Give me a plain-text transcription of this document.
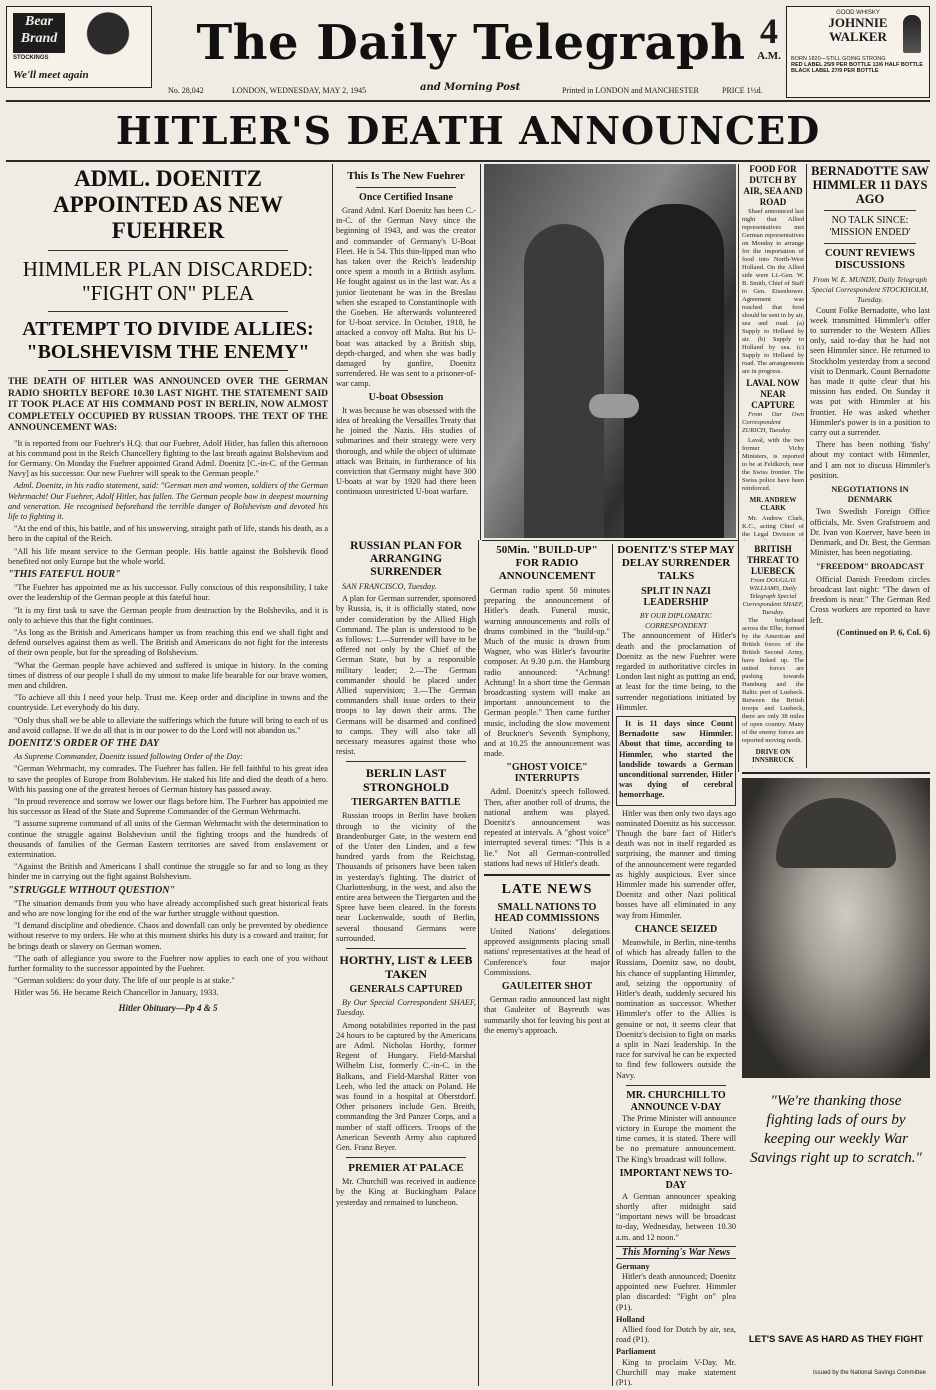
Bear
Brand
STOCKINGS
We'll meet again
The Daily Telegraph 4
A.M.
GOOD WHISKY
JOHNNIE
WALKER
BORN 1820—STILL GOING STRONG
RED LABEL 25/9 PER BOTTLE 13/6 HALF BOTTLE
BLACK LABEL 27/9 PER BOTTLE
No. 28,042	LONDON, WEDNESDAY, MAY 2, 1945	and Morning Post	Printed in LONDON and MANCHESTER	PRICE 1½d.
HITLER'S DEATH ANNOUNCED
ADML. DOENITZ APPOINTED AS NEW FUEHRER
HIMMLER PLAN DISCARDED: "FIGHT ON" PLEA
ATTEMPT TO DIVIDE ALLIES: "BOLSHEVISM THE ENEMY"
THE DEATH OF HITLER WAS ANNOUNCED OVER THE GERMAN RADIO SHORTLY BEFORE 10.30 LAST NIGHT. THE STATEMENT SAID IT TOOK PLACE AT HIS COMMAND POST IN BERLIN, NOW ALMOST COMPLETELY OCCUPIED BY RUSSIAN TROOPS. THE TEXT OF THE ANNOUNCEMENT WAS:

"It is reported from our Fuehrer's H.Q. that our Fuehrer, Adolf Hitler, has fallen this afternoon at his command post in the Reich Chancellery fighting to the last breath against Bolshevism and for Germany. On Monday the Fuehrer appointed Grand Adml. Doenitz [C.-in-C. of the German Navy] as his successor. Our new Fuehrer will speak to the German people."

Adml. Doenitz, in his radio statement, said: "German men and women, soldiers of the German Wehrmacht! Our Fuehrer, Adolf Hitler, has fallen. The German people bow in deepest mourning and veneration. He recognised beforehand the terrible danger of Bolshevism and devoted his life to fighting it.

"At the end of this, his battle, and of his unswerving, straight path of life, stands his death, as a hero in the capital of the Reich.

"All his life meant service to the German people. His battle against the Bolshevik flood benefited not only Europe but the whole world.

"THIS FATEFUL HOUR"

"The Fuehrer has appointed me as his successor. Fully conscious of this responsibility, I take over the leadership of the German people at this fateful hour.

"It is my first task to save the German people from destruction by the Bolsheviks, and it is only to achieve this that the fight continues.

"As long as the British and Americans hamper us from reaching this end we shall fight and defend ourselves against them as well. The British and Americans do not fight for the interests of their own people, but for the spreading of Bolshevism.

"What the German people have achieved and suffered is unique in history. In the coming times of distress of our people I shall do my utmost to make life bearable for our brave women, men and children.

"To achieve all this I need your help. Trust me. Keep order and discipline in towns and the countryside. Let everybody do his duty.

"Only thus shall we be able to alleviate the sufferings which the future will bring to each of us and avoid collapse. If we do all that is in our power to do the Lord will not abandon us."

DOENITZ'S ORDER OF THE DAY

As Supreme Commander, Doenitz issued following Order of the Day:

"German Wehrmacht, my comrades. The Fuehrer has fallen. He fell faithful to his great idea to save the peoples of Europe from Bolshevism. He staked his life and died the death of a hero. With his passing one of the greatest heroes of German history has passed away.

"In proud reverence and sorrow we lower our flags before him. The Fuehrer has appointed me his successor as Head of the State and Supreme Commander of the German Wehrmacht.

"I assume supreme command of all units of the German Wehrmacht with the determination to continue the struggle against Bolshevism until the fighting troops and the hundreds of thousands of families of the German Eastern territories are saved from enslavement or extermination.

"Against the British and Americans I shall continue the struggle so far and so long as they hinder me in carrying out the fight against Bolshevism.

"STRUGGLE WITHOUT QUESTION"

"The situation demands from you who have already accomplished such great historical feats and who are now longing for the end of the war further struggle without question.

"I demand discipline and obedience. Chaos and downfall can only be prevented by obedience without reserve to my orders. He who at this moment shirks his duty is a coward and traitor, for he brings death or slavery on German women.

"The oath of allegiance you swore to the Fuehrer now applies to each one of you without further formality to the successor appointed by the Fuehrer.

"German soldiers: do your duty. The life of our people is at stake."

Hitler was 56. He became Reich Chancellor in January, 1933.

Hitler Obituary—Pp 4 & 5
RUSSIAN PLAN FOR ARRANGING SURRENDER

SAN FRANCISCO, Tuesday.

A plan for German surrender, sponsored by Russia, is, it is officially stated, now under consideration by the Allied High Command. The plan is understood to be as follows: 1.—Surrender will have to be offered not only by the Chief of the German State, but by a responsible military leader; 2.—The German commander should be placed under Allied supervision; 3.—The German commanders shall issue orders to their troops to lay down their arms. The Germans will be disarmed and confined to camps. They will also take all necessary measures against those who resist.

BERLIN LAST STRONGHOLD
TIERGARTEN BATTLE

Russian troops in Berlin have broken through to the vicinity of the Brandenburger Gate, in the western end of the Unter den Linden, and a few hundred yards from the Reichstag. Thousands of prisoners have been taken in yesterday's fighting. The district of Charlottenburg, in the west, and also the entire area between the Tiergarten and the Spree have been cleared. In the forests near Luckenwalde, south of Berlin, several thousand Germans were surrounded.

HORTHY, LIST & LEEB TAKEN
GENERALS CAPTURED

By Our Special Correspondent SHAEF, Tuesday.

Among notabilities reported in the past 24 hours to be captured by the Americans are Adml. Nicholas Horthy, former Regent of Hungary. Field-Marshal Wilhelm List, formerly C.-in-C. in the Balkans, and Field-Marshal Ritter von Leeb, who led the attack on Poland. He was found in a hospital at Oberstdorf. Other prisoners include Gen. Breith, commanding the 3rd Panzer Corps, and a number of staff officers. Troops of the American Seventh Army also captured Gen. Franz Beyer.

PREMIER AT PALACE

Mr. Churchill was received in audience by the King at Buckingham Palace yesterday and remained to luncheon.

This Is The New Fuehrer
Once Certified Insane

Grand Adml. Karl Doenitz has been C.-in-C. of the German Navy since the beginning of 1943, and was the creator and commander of Germany's U-Boat Fleet. He is 54. This thin-lipped man who has taken over the Reich's leadership once spent a month in a British asylum. He fought against us in the last war. As a junior lieutenant he was in the Breslau when she escaped to Constantinople with the Goeben. He afterwards volunteered for U-boat service. In October, 1918, he attacked a convoy off Malta. But his U-boat was attacked by a British ship, depth-charged, and when she was badly damaged by gunfire, Doenitz surrendered. He was sent to a prisoner-of-war camp.

U-boat Obsession

It was because he was obsessed with the idea of breaking the Versailles Treaty that he joined the Nazis. His studies of submarines and their strategy were very thorough, and while the object of ultimate attack was Britain, in furtherance of his conviction that Germany might have 300 U-boats at war by 1920 had there been continuous unrestricted U-boat warfare.

50Min. "BUILD-UP" FOR RADIO ANNOUNCEMENT

German radio spent 50 minutes preparing the announcement of Hitler's death. Funeral music, warning announcements and rolls of drums combined in the "build-up." Much of the music is drawn from Wagner, who was Hitler's favourite composer. At 9.30 p.m. the Hamburg radio announced: "Achtung! Achtung! In a short time the German broadcasting system will make an important announcement to the German people." Then came further music, including the slow movement of Bruckner's Seventh Symphony, and at 10.25 the announcement was made.

"GHOST VOICE" INTERRUPTS

Adml. Doenitz's speech followed. Then, after another roll of drums, the national anthem was played. Doenitz's announcement was repeated at intervals. A "ghost voice" interrupted several times: "This is a lie." Not all German-controlled stations had news of Hitler's death.

LATE NEWS
SMALL NATIONS TO HEAD COMMISSIONS

United Nations' delegations approved assignments placing small nations' representatives at the head of Conference's four major Commissions.

GAULEITER SHOT

German radio announced last night that Gauleiter of Bayreuth was summarily shot for leaving his post at the enemy's approach.

DOENITZ'S STEP MAY DELAY SURRENDER TALKS
SPLIT IN NAZI LEADERSHIP
BY OUR DIPLOMATIC CORRESPONDENT

The announcement of Hitler's death and the proclamation of Doenitz as the new Fuehrer were regarded in authoritative circles in London last night as putting an end, at least for the time being, to the surrender negotiations initiated by Himmler.

It is 11 days since Count Bernadotte saw Himmler. About that time, according to Himmler, who started the landslide towards a German unconditional surrender, Hitler was dying of cerebral hemorrhage.

Hitler was then only two days ago nominated Doenitz as his successor. Though the bare fact of Hitler's death was not in itself regarded as surprising, the manner and timing of the announcement were regarded as highly auspicious. Ever since Himmler made his surrender offer, Doenitz and other Nazi political bosses have all eliminated in any way from Himmler.

CHANCE SEIZED

Meanwhile, in Berlin, nine-tenths of which has already fallen to the Russians, Doenitz saw, no doubt, his chance of supplanting Himmler, and, seizing the opportunity of Hitler's death, suddenly secured his nomination as successor. Whether Himmler's offer to the Allies is genuine or not, it seems clear that Doenitz's decision to fight on marks a split in Nazi leadership. In the race for survival he can be expected to find few followers outside the Navy.

MR. CHURCHILL TO ANNOUNCE V-DAY

The Prime Minister will announce victory in Europe the moment the time comes, it is stated. There will be no premature announcement. The King's broadcast will follow.

IMPORTANT NEWS TO-DAY

A German announcer speaking shortly after midnight said "important news will be broadcast to-day, Wednesday, between 10.30 a.m. and 12 noon."

This Morning's War News
Germany

Hitler's death announced; Doenitz appointed new Fuehrer. Himmler plan discarded: "Fight on" plea (P1).

Holland

Allied food for Dutch by air, sea, road (P1).

Parliament

King to proclaim V-Day. Mr. Churchill may make statement (P1).

BERNADOTTE SAW HIMMLER 11 DAYS AGO
NO TALK SINCE: 'MISSION ENDED'
COUNT REVIEWS DISCUSSIONS
From W. E. MUNDY, Daily Telegraph Special Correspondent STOCKHOLM, Tuesday.

Count Folke Bernadotte, who last week transmitted Himmler's offer to surrender to the Western Allies only, said to-day that he had not seen Himmler since. He returned to Stockholm yesterday from a second visit to Denmark. Count Bernadotte has made it quite clear that his mission has ended. On Sunday it was put with Himmler at his frontier. He was asked whether Himmler's power is in a position to carry out a surrender.

There has been nothing 'fishy' about my contact with Himmler, and I am not to discuss Himmler's position.

NEGOTIATIONS IN DENMARK

Two Swedish Foreign Office officials, Mr. Sven Grafstroem and Dr. Ivan von Koerver, have been in Denmark, and Dr. Best, the German Minister, has been negotiating.

"FREEDOM" BROADCAST

Official Danish Freedom circles broadcast last night: "The dawn of freedom is near." The German Red Cross workers are reported to have left.

(Continued on P. 6, Col. 6)
BRITISH THREAT TO LUEBECK
From DOUGLAS WILLIAMS, Daily Telegraph Special Correspondent SHAEF, Tuesday.

The bridgehead across the Elbe, formed by the American and British forces of the British Second Army, have linked up. The united forces are pushing towards Hamburg and the Baltic port of Luebeck. Between the British troops and Luebeck, there are only 38 miles of open country. Many of the enemy forces are reported moving north.

DRIVE ON INNSBRUCK

FOOD FOR DUTCH BY AIR, SEA AND ROAD

Shaef announced last night that Allied representatives met German representatives on Monday to arrange for the importation of food into North-West Holland. On the Allied side were Lt.-Gen. W. B. Smith, Chief of Staff to Gen. Eisenhower. Agreement was reached that food should be sent in by air, sea and road. (a) Supply to Holland by air. (b) Supply to Holland by sea. (c) Supply to Holland by road. The arrangements are in progress.

LAVAL NOW NEAR CAPTURE

From Our Own Correspondent ZURICH, Tuesday.

Laval, with the two former Vichy Ministers, is reported to be at Feldkirch, near the Swiss frontier. The Swiss police have been reinforced.

MR. ANDREW CLARK

Mr. Andrew Clark, K.C., acting Chief of the Legal Division of

"We're thanking those fighting lads of ours by keeping our weekly War Savings right up to scratch."
LET'S SAVE AS HARD AS THEY FIGHT
Issued by the National Savings Committee
